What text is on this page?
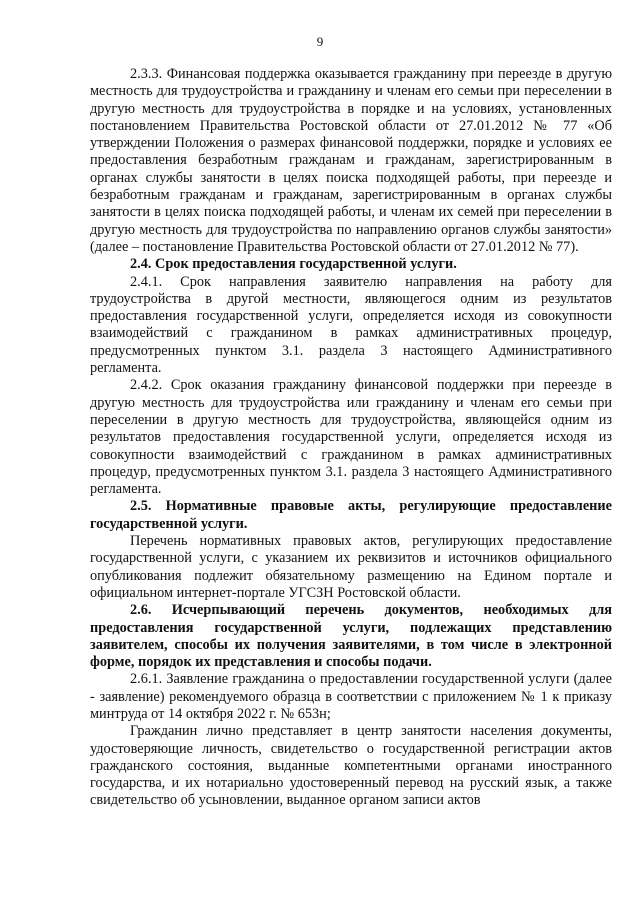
9

2.3.3. Финансовая поддержка оказывается гражданину при переезде в другую местность для трудоустройства и гражданину и членам его семьи при переселении в другую местность для трудоустройства в порядке и на условиях, установленных постановлением Правительства Ростовской области от 27.01.2012 № 77 «Об утверждении Положения о размерах финансовой поддержки, порядке и условиях ее предоставления безработным гражданам и гражданам, зарегистрированным в органах службы занятости в целях поиска подходящей работы, при переезде и безработным гражданам и гражданам, зарегистрированным в органах службы занятости в целях поиска подходящей работы, и членам их семей при переселении в другую местность для трудоустройства по направлению органов службы занятости» (далее – постановление Правительства Ростовской области от 27.01.2012 № 77).

2.4. Срок предоставления государственной услуги.

2.4.1. Срок направления заявителю направления на работу для трудоустройства в другой местности, являющегося одним из результатов предоставления государственной услуги, определяется исходя из совокупности взаимодействий с гражданином в рамках административных процедур, предусмотренных пунктом 3.1. раздела 3 настоящего Административного регламента.

2.4.2. Срок оказания гражданину финансовой поддержки при переезде в другую местность для трудоустройства или гражданину и членам его семьи при переселении в другую местность для трудоустройства, являющейся одним из результатов предоставления государственной услуги, определяется исходя из совокупности взаимодействий с гражданином в рамках административных процедур, предусмотренных пунктом 3.1. раздела 3 настоящего Административного регламента.

2.5. Нормативные правовые акты, регулирующие предоставление государственной услуги.

Перечень нормативных правовых актов, регулирующих предоставление государственной услуги, с указанием их реквизитов и источников официального опубликования подлежит обязательному размещению на Едином портале и официальном интернет-портале УГСЗН Ростовской области.

2.6. Исчерпывающий перечень документов, необходимых для предоставления государственной услуги, подлежащих представлению заявителем, способы их получения заявителями, в том числе в электронной форме, порядок их представления и способы подачи.

2.6.1. Заявление гражданина о предоставлении государственной услуги (далее - заявление) рекомендуемого образца в соответствии с приложением № 1 к приказу минтруда от 14 октября 2022 г. № 653н;

Гражданин лично представляет в центр занятости населения документы, удостоверяющие личность, свидетельство о государственной регистрации актов гражданского состояния, выданные компетентными органами иностранного государства, и их нотариально удостоверенный перевод на русский язык, а также свидетельство об усыновлении, выданное органом записи актов
